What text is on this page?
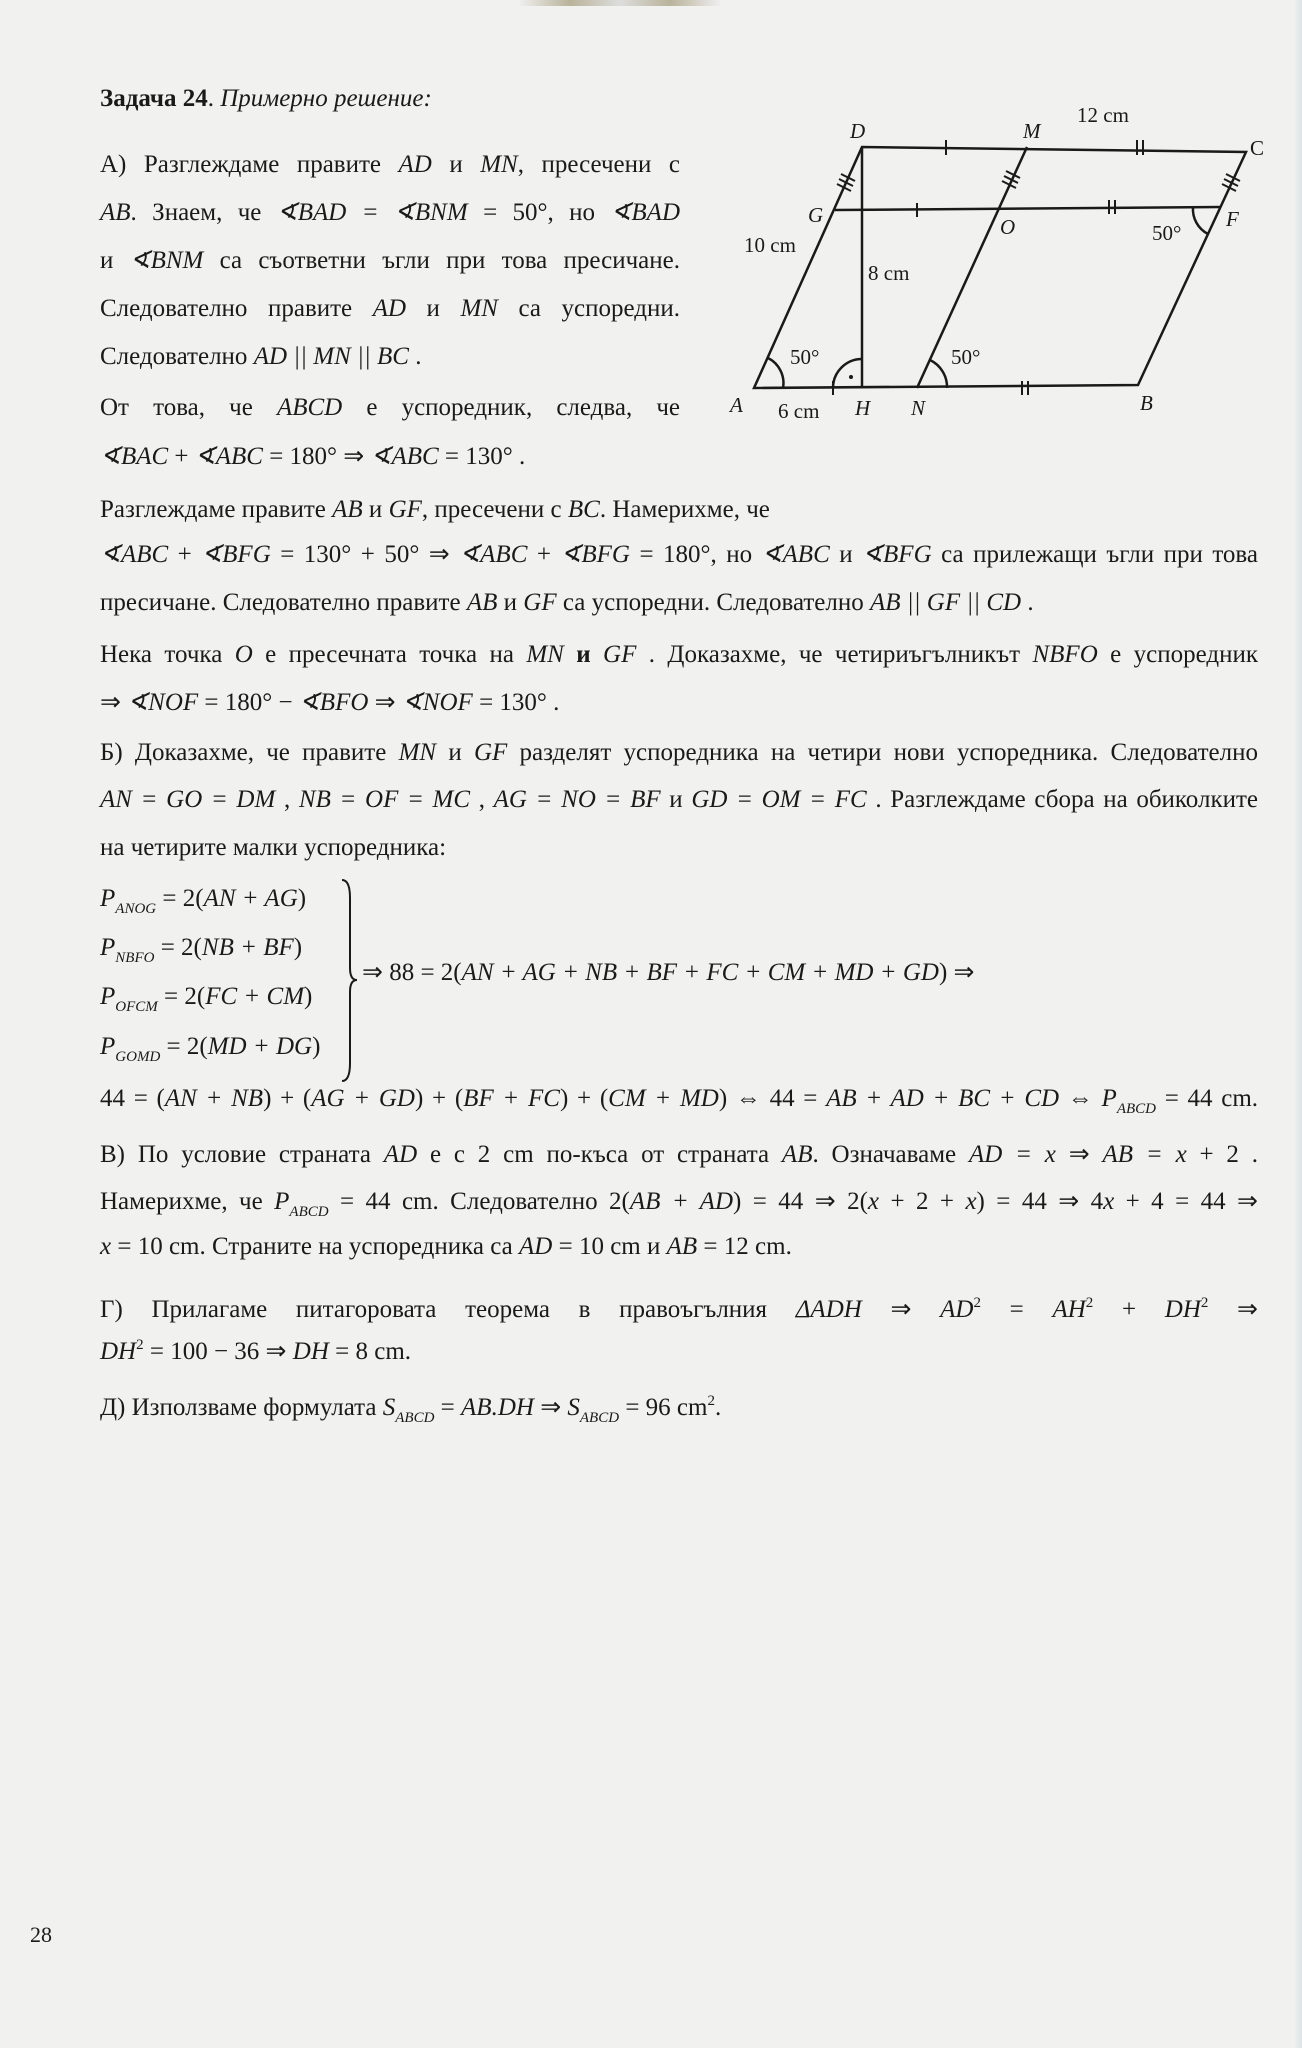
Задача 24. Примерно решение:
А) Разглеждаме правите AD и MN, пресечени с
AB. Знаем, че ∢BAD = ∢BNM = 50°, но ∢BAD
и ∢BNM са съответни ъгли при това пресичане.
Следователно правите AD и MN са успоредни.
Следователно AD || MN || BC .
От това, че ABCD е успоредник, следва, че
∢BAC + ∢ABC = 180° ⇒ ∢ABC = 130° .
Разглеждаме правите AB и GF, пресечени с BC. Намерихме, че
∢ABC + ∢BFG = 130° + 50° ⇒ ∢ABC + ∢BFG = 180°, но ∢ABC и ∢BFG са прилежащи ъгли при това
пресичане. Следователно правите AB и GF са успоредни. Следователно AB || GF || CD .
Нека точка O е пресечната точка на MN и GF . Доказахме, че четириъгълникът NBFO е успоредник
⇒ ∢NOF = 180° − ∢BFO ⇒ ∢NOF = 130° .
Б) Доказахме, че правите MN и GF разделят успоредника на четири нови успоредника. Следователно
AN = GO = DM , NB = OF = MC , AG = NO = BF и GD = OM = FC . Разглеждаме сбора на обиколките
на четирите малки успоредника:
$P_{ANOG} = 2(AN + AG)$
$P_{NBFO} = 2(NB + BF)$
$P_{OFCM} = 2(FC + CM)$
$P_{GOMD} = 2(MD + DG)$
⇒ 88 = 2(AN + AG + NB + BF + FC + CM + MD + GD) ⇒
44 = (AN + NB) + (AG + GD) + (BF + FC) + (CM + MD) ⇔ 44 = AB + AD + BC + CD ⇔ $P_{ABCD} = 44$ cm.
В) По условие страната AD е с 2 cm по-къса от страната AB. Означаваме AD = x ⇒ AB = x + 2 .
Намерихме, че $P_{ABCD} = 44$ cm. Следователно 2(AB + AD) = 44 ⇒ 2(x + 2 + x) = 44 ⇒ 4x + 4 = 44 ⇒
x = 10 cm. Страните на успоредника са AD = 10 cm и AB = 12 cm.
Г) Прилагаме питагоровата теорема в правоъгълния ΔADH ⇒ $AD^2 = AH^2 + DH^2$ ⇒
$DH^2 = 100 - 36$ ⇒ DH = 8 cm.
Д) Използваме формулата $S_{ABCD} = AB.DH$ ⇒ $S_{ABCD} = 96$ $cm^2$.
D	M
C
G	F
O
A	H N	B
12 cm
10 cm
8 cm
6 cm
50°	50°
50°
28
